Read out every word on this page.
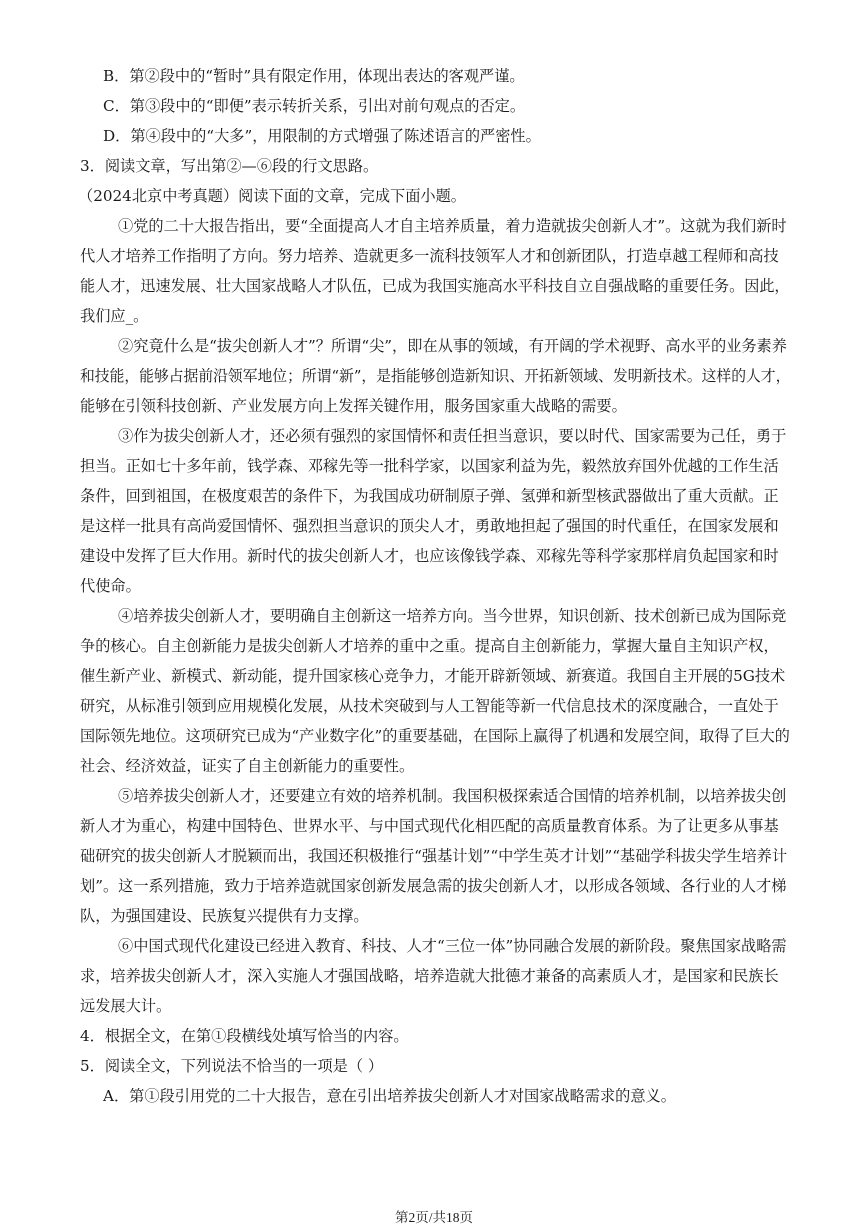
B．第②段中的“暂时”具有限定作用，体现出表达的客观严谨。
C．第③段中的“即便”表示转折关系，引出对前句观点的否定。
D．第④段中的“大多”，用限制的方式增强了陈述语言的严密性。
3．阅读文章，写出第②—⑥段的行文思路。
（2024北京中考真题）阅读下面的文章，完成下面小题。
①党的二十大报告指出，要“全面提高人才自主培养质量，着力造就拔尖创新人才”。这就为我们新时
代人才培养工作指明了方向。努力培养、造就更多一流科技领军人才和创新团队，打造卓越工程师和高技
能人才，迅速发展、壮大国家战略人才队伍，已成为我国实施高水平科技自立自强战略的重要任务。因此，
我们应_。
②究竟什么是“拔尖创新人才”？所谓“尖”，即在从事的领域，有开阔的学术视野、高水平的业务素养
和技能，能够占据前沿领军地位；所谓“新”，是指能够创造新知识、开拓新领域、发明新技术。这样的人才，
能够在引领科技创新、产业发展方向上发挥关键作用，服务国家重大战略的需要。
③作为拔尖创新人才，还必须有强烈的家国情怀和责任担当意识，要以时代、国家需要为己任，勇于
担当。正如七十多年前，钱学森、邓稼先等一批科学家，以国家利益为先，毅然放弃国外优越的工作生活
条件，回到祖国，在极度艰苦的条件下，为我国成功研制原子弹、氢弹和新型核武器做出了重大贡献。正
是这样一批具有高尚爱国情怀、强烈担当意识的顶尖人才，勇敢地担起了强国的时代重任，在国家发展和
建设中发挥了巨大作用。新时代的拔尖创新人才，也应该像钱学森、邓稼先等科学家那样肩负起国家和时
代使命。
④培养拔尖创新人才，要明确自主创新这一培养方向。当今世界，知识创新、技术创新已成为国际竞
争的核心。自主创新能力是拔尖创新人才培养的重中之重。提高自主创新能力，掌握大量自主知识产权，
催生新产业、新模式、新动能，提升国家核心竞争力，才能开辟新领域、新赛道。我国自主开展的5G技术
研究，从标准引领到应用规模化发展，从技术突破到与人工智能等新一代信息技术的深度融合，一直处于
国际领先地位。这项研究已成为“产业数字化”的重要基础，在国际上赢得了机遇和发展空间，取得了巨大的
社会、经济效益，证实了自主创新能力的重要性。
⑤培养拔尖创新人才，还要建立有效的培养机制。我国积极探索适合国情的培养机制，以培养拔尖创
新人才为重心，构建中国特色、世界水平、与中国式现代化相匹配的高质量教育体系。为了让更多从事基
础研究的拔尖创新人才脱颖而出，我国还积极推行“强基计划”“中学生英才计划”“基础学科拔尖学生培养计
划”。这一系列措施，致力于培养造就国家创新发展急需的拔尖创新人才，以形成各领域、各行业的人才梯
队，为强国建设、民族复兴提供有力支撑。
⑥中国式现代化建设已经进入教育、科技、人才“三位一体”协同融合发展的新阶段。聚焦国家战略需
求，培养拔尖创新人才，深入实施人才强国战略，培养造就大批德才兼备的高素质人才，是国家和民族长
远发展大计。
4．根据全文，在第①段横线处填写恰当的内容。
5．阅读全文，下列说法不恰当的一项是（ ）
A．第①段引用党的二十大报告，意在引出培养拔尖创新人才对国家战略需求的意义。
第2页/共18页
